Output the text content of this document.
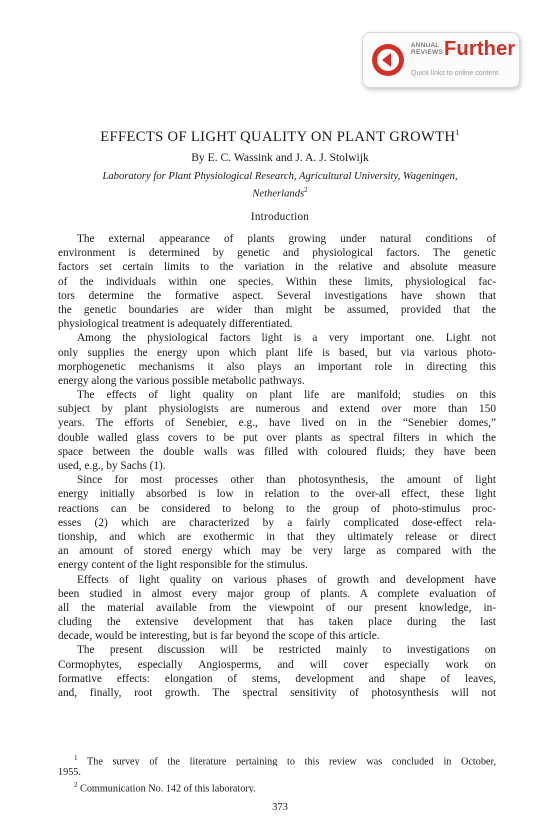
ANNUAL
REVIEWS Further
Quick links to online content
EFFECTS OF LIGHT QUALITY ON PLANT GROWTH$^1$
By E. C. Wassink and J. A. J. Stolwijk
Laboratory for Plant Physiological Research, Agricultural University, Wageningen,
Netherlands$^2$
Introduction
The external appearance of plants growing under natural conditions of
environment is determined by genetic and physiological factors. The genetic
factors set certain limits to the variation in the relative and absolute measure
of the individuals within one species. Within these limits, physiological fac-
tors determine the formative aspect. Several investigations have shown that
the genetic boundaries are wider than might be assumed, provided that the
physiological treatment is adequately differentiated.
Among the physiological factors light is a very important one. Light not
only supplies the energy upon which plant life is based, but via various photo-
morphogenetic mechanisms it also plays an important role in directing this
energy along the various possible metabolic pathways.
The effects of light quality on plant life are manifold; studies on this
subject by plant physiologists are numerous and extend over more than 150
years. The efforts of Senebier, e.g., have lived on in the “Senebier domes,”
double walled glass covers to be put over plants as spectral filters in which the
space between the double walls was filled with coloured fluids; they have been
used, e.g., by Sachs (1).
Since for most processes other than photosynthesis, the amount of light
energy initially absorbed is low in relation to the over-all effect, these light
reactions can be considered to belong to the group of photo-stimulus proc-
esses (2) which are characterized by a fairly complicated dose-effect rela-
tionship, and which are exothermic in that they ultimately release or direct
an amount of stored energy which may be very large as compared with the
energy content of the light responsible for the stimulus.
Effects of light quality on various phases of growth and development have
been studied in almost every major group of plants. A complete evaluation of
all the material available from the viewpoint of our present knowledge, in-
cluding the extensive development that has taken place during the last
decade, would be interesting, but is far beyond the scope of this article.
The present discussion will be restricted mainly to investigations on
Cormophytes, especially Angiosperms, and will cover especially work on
formative effects: elongation of stems, development and shape of leaves,
and, finally, root growth. The spectral sensitivity of photosynthesis will not
$^1$ The survey of the literature pertaining to this review was concluded in October,
1955.
$^2$ Communication No. 142 of this laboratory.
373
